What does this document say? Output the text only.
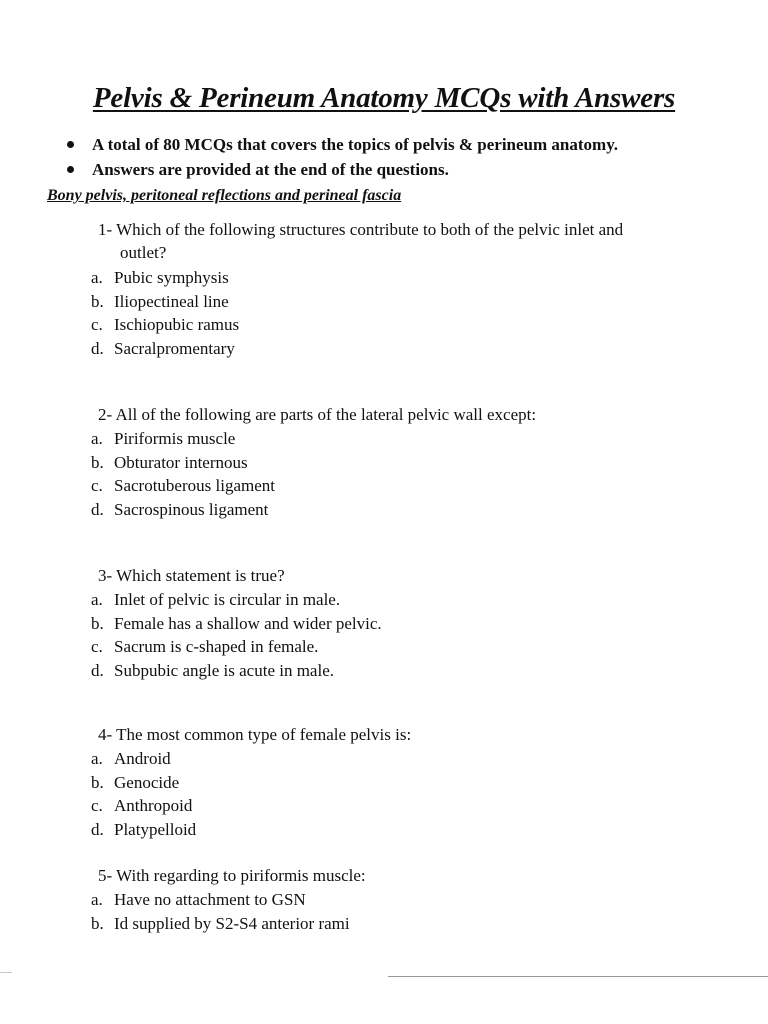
Pelvis & Perineum Anatomy MCQs with Answers
A total of 80 MCQs that covers the topics of pelvis & perineum anatomy.
Answers are provided at the end of the questions.
Bony pelvis, peritoneal reflections and perineal fascia
1- Which of the following structures contribute to both of the pelvic inlet and
outlet?
a. Pubic symphysis
b. Iliopectineal line
c. Ischiopubic ramus
d. Sacralpromentary
2- All of the following are parts of the lateral pelvic wall except:
a. Piriformis muscle
b. Obturator internous
c. Sacrotuberous ligament
d. Sacrospinous ligament
3- Which statement is true?
a. Inlet of pelvic is circular in male.
b. Female has a shallow and wider pelvic.
c. Sacrum is c-shaped in female.
d. Subpubic angle is acute in male.
4- The most common type of female pelvis is:
a. Android
b. Genocide
c. Anthropoid
d. Platypelloid
5- With regarding to piriformis muscle:
a. Have no attachment to GSN
b. Id supplied by S2-S4 anterior rami
